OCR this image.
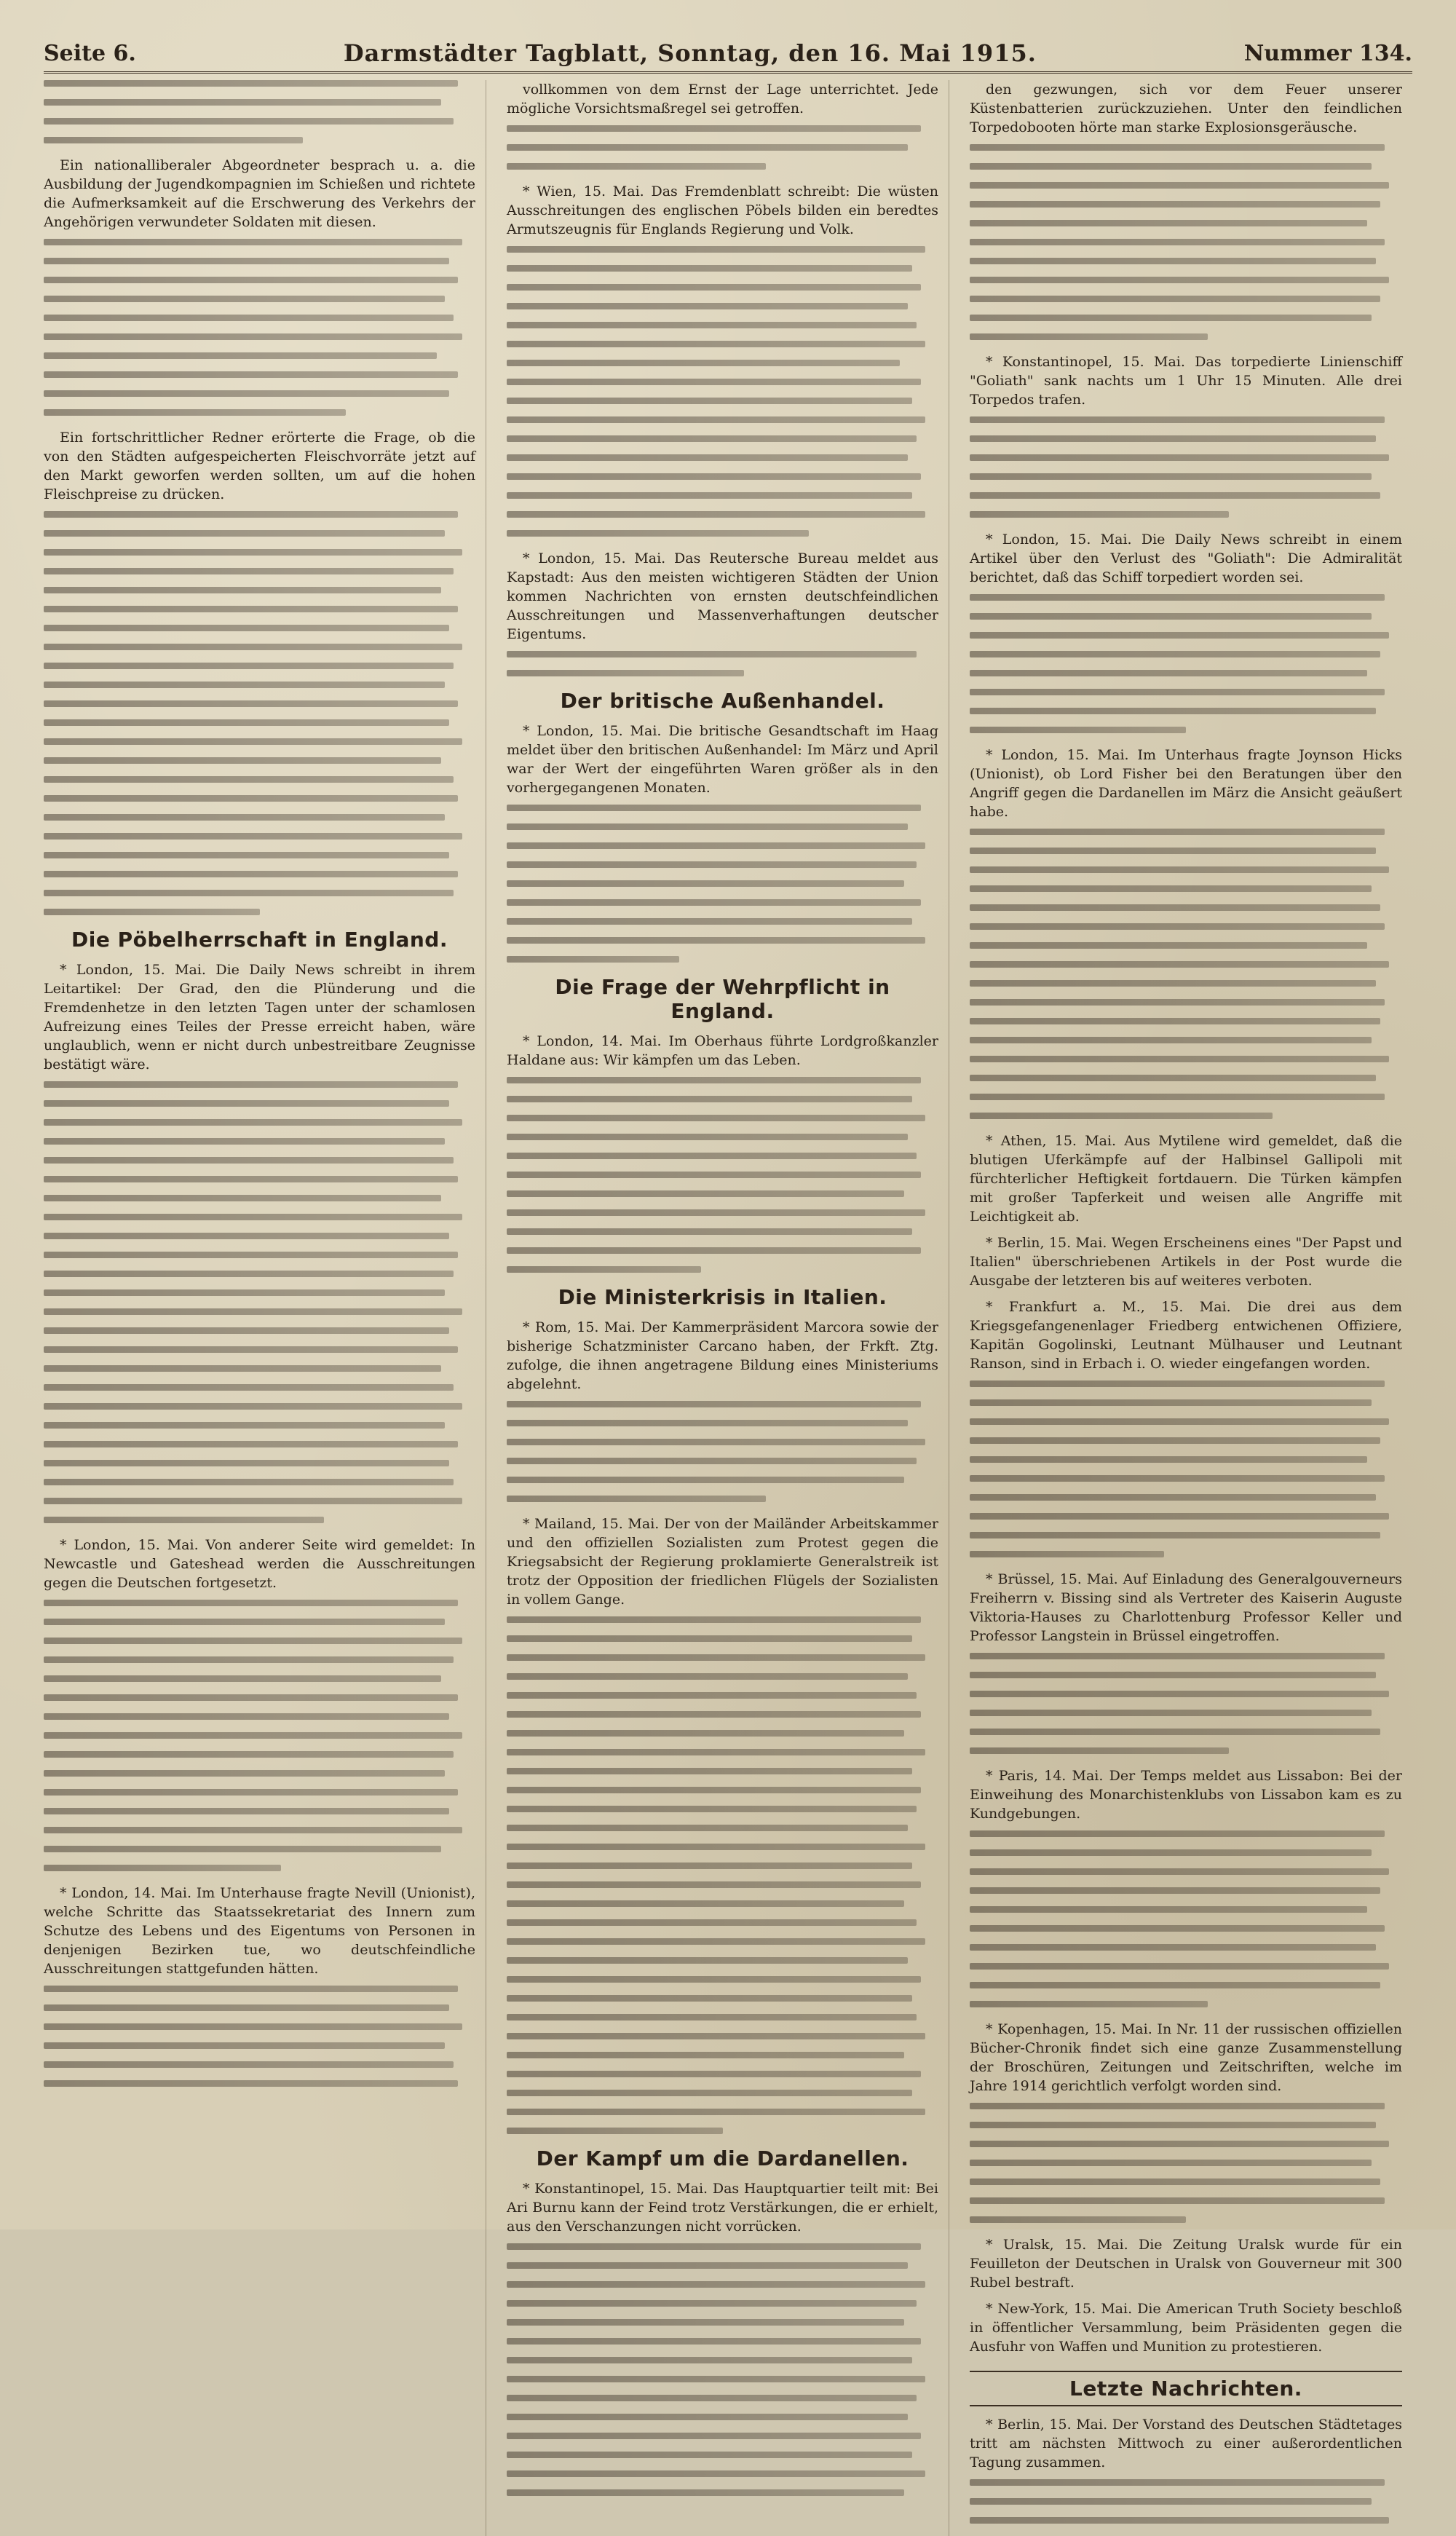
Seite 6.	Darmstädter Tagblatt, Sonntag, den 16. Mai 1915.	Nummer 134.

Ein nationalliberaler Abgeordneter besprach u. a. die Ausbildung der Jugendkompagnien im Schießen und richtete die Aufmerksamkeit auf die Erschwerung des Verkehrs der Angehörigen verwundeter Soldaten mit diesen.

Ein fortschrittlicher Redner erörterte die Frage, ob die von den Städten aufgespeicherten Fleischvorräte jetzt auf den Markt geworfen werden sollten, um auf die hohen Fleischpreise zu drücken.

Die Pöbelherrschaft in England.

* London, 15. Mai. Die Daily News schreibt in ihrem Leitartikel: Der Grad, den die Plünderung und die Fremdenhetze in den letzten Tagen unter der schamlosen Aufreizung eines Teiles der Presse erreicht haben, wäre unglaublich, wenn er nicht durch unbestreitbare Zeugnisse bestätigt wäre.

* London, 15. Mai. Von anderer Seite wird gemeldet: In Newcastle und Gateshead werden die Ausschreitungen gegen die Deutschen fortgesetzt.

* London, 14. Mai. Im Unterhause fragte Nevill (Unionist), welche Schritte das Staatssekretariat des Innern zum Schutze des Lebens und des Eigentums von Personen in denjenigen Bezirken tue, wo deutschfeindliche Ausschreitungen stattgefunden hätten.

vollkommen von dem Ernst der Lage unterrichtet. Jede mögliche Vorsichtsmaßregel sei getroffen.

* Wien, 15. Mai. Das Fremdenblatt schreibt: Die wüsten Ausschreitungen des englischen Pöbels bilden ein beredtes Armutszeugnis für Englands Regierung und Volk.

* London, 15. Mai. Das Reutersche Bureau meldet aus Kapstadt: Aus den meisten wichtigeren Städten der Union kommen Nachrichten von ernsten deutschfeindlichen Ausschreitungen und Massenverhaftungen deutscher Eigentums.

Der britische Außenhandel.

* London, 15. Mai. Die britische Gesandtschaft im Haag meldet über den britischen Außenhandel: Im März und April war der Wert der eingeführten Waren größer als in den vorhergegangenen Monaten.

Die Frage der Wehrpflicht in England.

* London, 14. Mai. Im Oberhaus führte Lordgroßkanzler Haldane aus: Wir kämpfen um das Leben.

Die Ministerkrisis in Italien.

* Rom, 15. Mai. Der Kammerpräsident Marcora sowie der bisherige Schatzminister Carcano haben, der Frkft. Ztg. zufolge, die ihnen angetragene Bildung eines Ministeriums abgelehnt.

* Mailand, 15. Mai. Der von der Mailänder Arbeitskammer und den offiziellen Sozialisten zum Protest gegen die Kriegsabsicht der Regierung proklamierte Generalstreik ist trotz der Opposition der friedlichen Flügels der Sozialisten in vollem Gange.

Der Kampf um die Dardanellen.

* Konstantinopel, 15. Mai. Das Hauptquartier teilt mit: Bei Ari Burnu kann der Feind trotz Verstärkungen, die er erhielt, aus den Verschanzungen nicht vorrücken.

den gezwungen, sich vor dem Feuer unserer Küstenbatterien zurückzuziehen. Unter den feindlichen Torpedobooten hörte man starke Explosionsgeräusche.

* Konstantinopel, 15. Mai. Das torpedierte Linienschiff "Goliath" sank nachts um 1 Uhr 15 Minuten. Alle drei Torpedos trafen.

* London, 15. Mai. Die Daily News schreibt in einem Artikel über den Verlust des "Goliath": Die Admiralität berichtet, daß das Schiff torpediert worden sei.

* London, 15. Mai. Im Unterhaus fragte Joynson Hicks (Unionist), ob Lord Fisher bei den Beratungen über den Angriff gegen die Dardanellen im März die Ansicht geäußert habe.

* Athen, 15. Mai. Aus Mytilene wird gemeldet, daß die blutigen Uferkämpfe auf der Halbinsel Gallipoli mit fürchterlicher Heftigkeit fortdauern. Die Türken kämpfen mit großer Tapferkeit und weisen alle Angriffe mit Leichtigkeit ab.

* Berlin, 15. Mai. Wegen Erscheinens eines "Der Papst und Italien" überschriebenen Artikels in der Post wurde die Ausgabe der letzteren bis auf weiteres verboten.

* Frankfurt a. M., 15. Mai. Die drei aus dem Kriegsgefangenenlager Friedberg entwichenen Offiziere, Kapitän Gogolinski, Leutnant Mülhauser und Leutnant Ranson, sind in Erbach i. O. wieder eingefangen worden.

* Brüssel, 15. Mai. Auf Einladung des Generalgouverneurs Freiherrn v. Bissing sind als Vertreter des Kaiserin Auguste Viktoria-Hauses zu Charlottenburg Professor Keller und Professor Langstein in Brüssel eingetroffen.

* Paris, 14. Mai. Der Temps meldet aus Lissabon: Bei der Einweihung des Monarchistenklubs von Lissabon kam es zu Kundgebungen.

* Kopenhagen, 15. Mai. In Nr. 11 der russischen offiziellen Bücher-Chronik findet sich eine ganze Zusammenstellung der Broschüren, Zeitungen und Zeitschriften, welche im Jahre 1914 gerichtlich verfolgt worden sind.

* Uralsk, 15. Mai. Die Zeitung Uralsk wurde für ein Feuilleton der Deutschen in Uralsk von Gouverneur mit 300 Rubel bestraft.

* New-York, 15. Mai. Die American Truth Society beschloß in öffentlicher Versammlung, beim Präsidenten gegen die Ausfuhr von Waffen und Munition zu protestieren.

Letzte Nachrichten.

* Berlin, 15. Mai. Der Vorstand des Deutschen Städtetages tritt am nächsten Mittwoch zu einer außerordentlichen Tagung zusammen.
